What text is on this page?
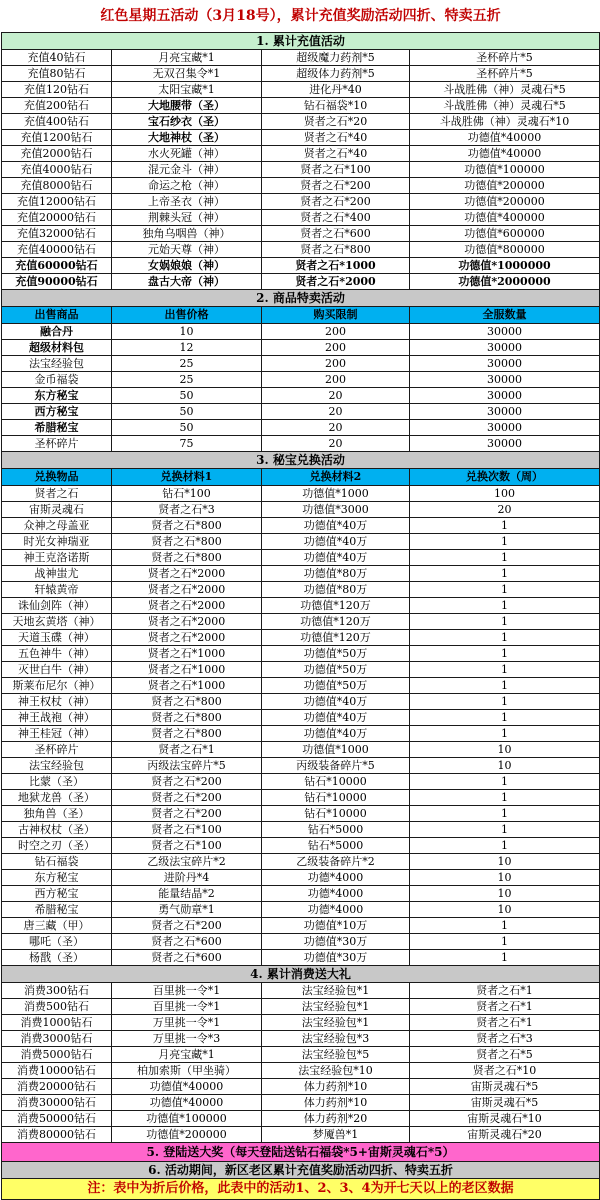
红色星期五活动（3月18号），累计充值奖励活动四折、特卖五折			
1. 累计充值活动			
充值40钻石	月亮宝藏*1	超级魔力药剂*5	圣杯碎片*5
充值80钻石	无双召集令*1	超级体力药剂*5	圣杯碎片*5
充值120钻石	太阳宝藏*1	进化丹*40	斗战胜佛（神）灵魂石*5
充值200钻石	大地腰带（圣）	钻石福袋*10	斗战胜佛（神）灵魂石*5
充值400钻石	宝石纱衣（圣）	贤者之石*20	斗战胜佛（神）灵魂石*10
充值1200钻石	大地神杖（圣）	贤者之石*40	功德值*40000
充值2000钻石	水火死罐（神）	贤者之石*40	功德值*40000
充值4000钻石	混元金斗（神）	贤者之石*100	功德值*100000
充值8000钻石	命运之枪（神）	贤者之石*200	功德值*200000
充值12000钻石	上帝圣衣（神）	贤者之石*200	功德值*200000
充值20000钻石	荆棘头冠（神）	贤者之石*400	功德值*400000
充值32000钻石	独角乌咽兽（神）	贤者之石*600	功德值*600000
充值40000钻石	元始天尊（神）	贤者之石*800	功德值*800000
充值60000钻石	女娲娘娘（神）	贤者之石*1000	功德值*1000000
充值90000钻石	盘古大帝（神）	贤者之石*2000	功德值*2000000
2. 商品特卖活动			
出售商品	出售价格	购买限制	全服数量
融合丹	10	200	30000
超级材料包	12	200	30000
法宝经验包	25	200	30000
金币福袋	25	200	30000
东方秘宝	50	20	30000
西方秘宝	50	20	30000
希腊秘宝	50	20	30000
圣杯碎片	75	20	30000
3. 秘宝兑换活动			
兑换物品	兑换材料1	兑换材料2	兑换次数（周）
贤者之石	钻石*100	功德值*1000	100
宙斯灵魂石	贤者之石*3	功德值*3000	20
众神之母盖亚	贤者之石*800	功德值*40万	1
时光女神瑞亚	贤者之石*800	功德值*40万	1
神王克洛诺斯	贤者之石*800	功德值*40万	1
战神蚩尤	贤者之石*2000	功德值*80万	1
轩辕黄帝	贤者之石*2000	功德值*80万	1
诛仙剑阵（神）	贤者之石*2000	功德值*120万	1
天地玄黄塔（神）	贤者之石*2000	功德值*120万	1
天道玉碟（神）	贤者之石*2000	功德值*120万	1
五色神牛（神）	贤者之石*1000	功德值*50万	1
灭世白牛（神）	贤者之石*1000	功德值*50万	1
斯莱布尼尔（神）	贤者之石*1000	功德值*50万	1
神王权杖（神）	贤者之石*800	功德值*40万	1
神王战袍（神）	贤者之石*800	功德值*40万	1
神王桂冠（神）	贤者之石*800	功德值*40万	1
圣杯碎片	贤者之石*1	功德值*1000	10
法宝经验包	丙级法宝碎片*5	丙级装备碎片*5	10
比蒙（圣）	贤者之石*200	钻石*10000	1
地狱龙兽（圣）	贤者之石*200	钻石*10000	1
独角兽（圣）	贤者之石*200	钻石*10000	1
古神权杖（圣）	贤者之石*100	钻石*5000	1
时空之刃（圣）	贤者之石*100	钻石*5000	1
钻石福袋	乙级法宝碎片*2	乙级装备碎片*2	10
东方秘宝	进阶丹*4	功德*4000	10
西方秘宝	能量结晶*2	功德*4000	10
希腊秘宝	勇气勋章*1	功德*4000	10
唐三藏（甲）	贤者之石*200	功德值*10万	1
哪吒（圣）	贤者之石*600	功德值*30万	1
杨戬（圣）	贤者之石*600	功德值*30万	1
4. 累计消费送大礼			
消费300钻石	百里挑一令*1	法宝经验包*1	贤者之石*1
消费500钻石	百里挑一令*1	法宝经验包*1	贤者之石*1
消费1000钻石	万里挑一令*1	法宝经验包*1	贤者之石*1
消费3000钻石	万里挑一令*3	法宝经验包*3	贤者之石*3
消费5000钻石	月亮宝藏*1	法宝经验包*5	贤者之石*5
消费10000钻石	柏加索斯（甲坐骑）	法宝经验包*10	贤者之石*10
消费20000钻石	功德值*40000	体力药剂*10	宙斯灵魂石*5
消费30000钻石	功德值*40000	体力药剂*10	宙斯灵魂石*5
消费50000钻石	功德值*100000	体力药剂*20	宙斯灵魂石*10
消费80000钻石	功德值*200000	梦魇兽*1	宙斯灵魂石*20
5. 登陆送大奖（每天登陆送钻石福袋*5+宙斯灵魂石*5）			
6. 活动期间，新区老区累计充值奖励活动四折、特卖五折			
注：表中为折后价格，此表中的活动1、2、3、4为开七天以上的老区数据			
